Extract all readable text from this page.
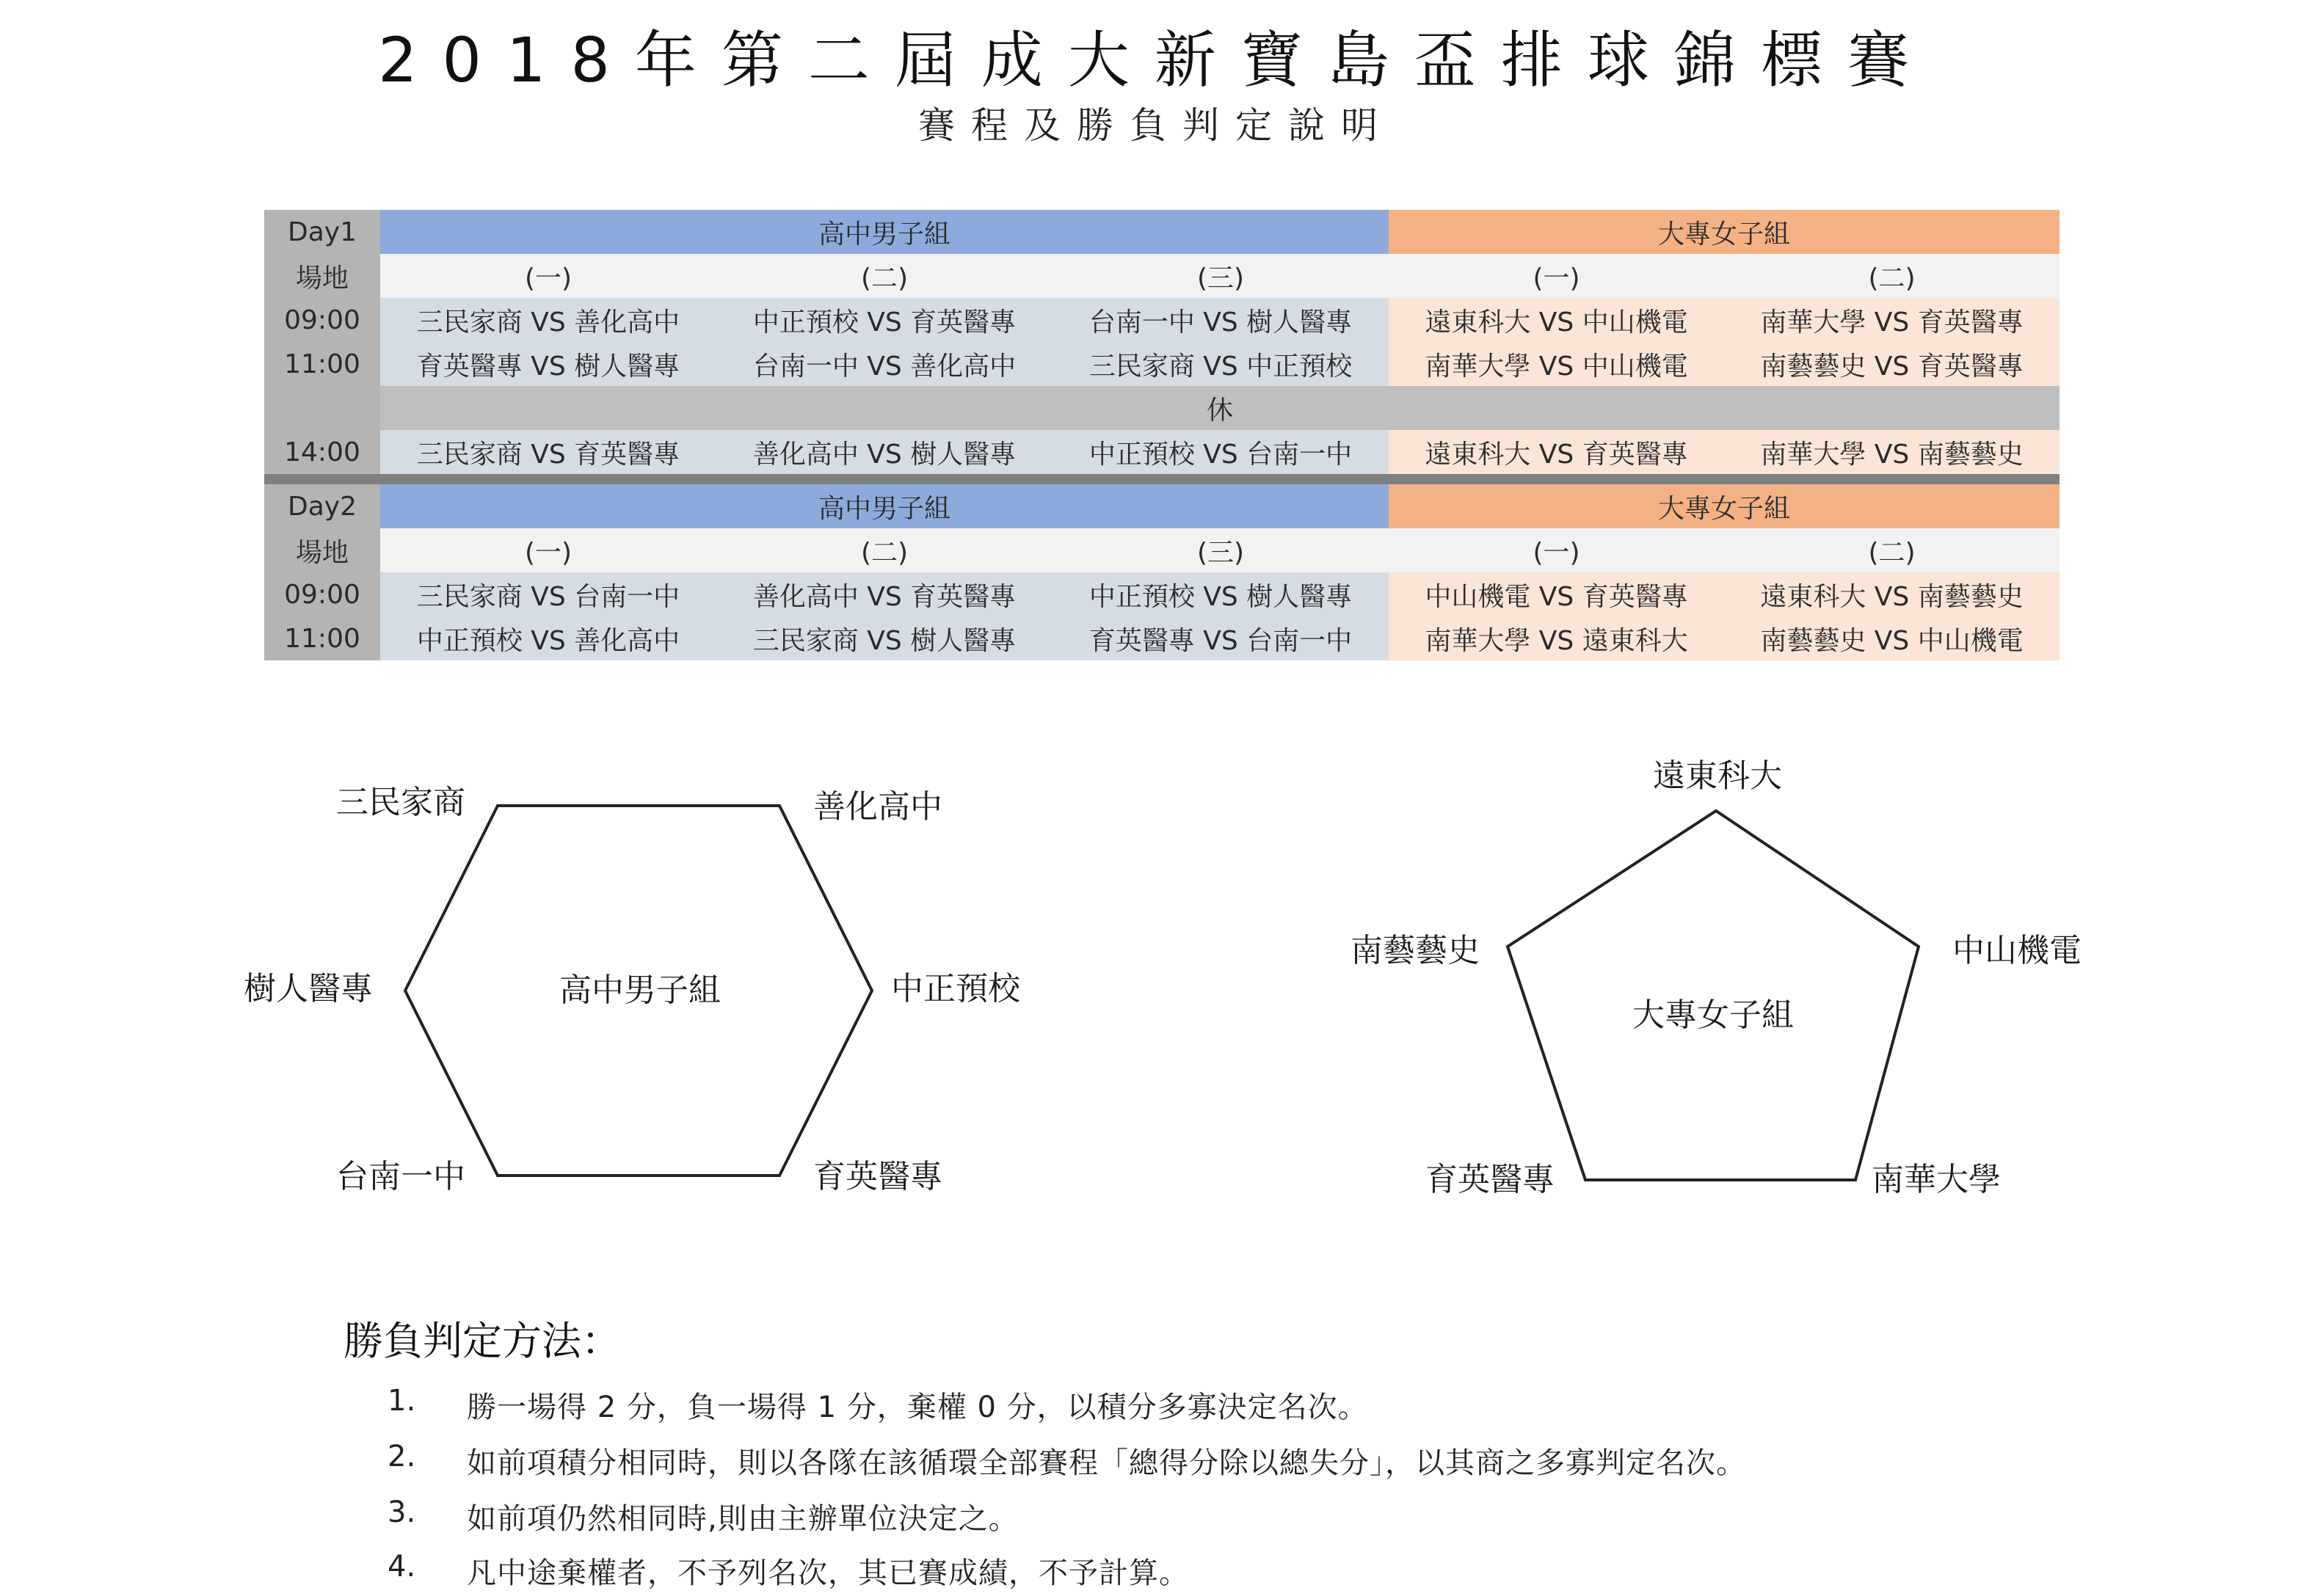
2018年第二屆成大新寶島盃排球錦標賽
賽程及勝負判定說明
Day1	高中男子組			大專女子組	
場地	(一)	(二)	(三)	(一)	(二)
09:00	三民家商 VS 善化高中	中正預校 VS 育英醫專	台南一中 VS 樹人醫專	遠東科大 VS 中山機電	南華大學 VS 育英醫專
11:00	育英醫專 VS 樹人醫專	台南一中 VS 善化高中	三民家商 VS 中正預校	南華大學 VS 中山機電	南藝藝史 VS 育英醫專
	休				
14:00	三民家商 VS 育英醫專	善化高中 VS 樹人醫專	中正預校 VS 台南一中	遠東科大 VS 育英醫專	南華大學 VS 南藝藝史

Day2	高中男子組			大專女子組	
場地	(一)	(二)	(三)	(一)	(二)
09:00	三民家商 VS 台南一中	善化高中 VS 育英醫專	中正預校 VS 樹人醫專	中山機電 VS 育英醫專	遠東科大 VS 南藝藝史
11:00	中正預校 VS 善化高中	三民家商 VS 樹人醫專	育英醫專 VS 台南一中	南華大學 VS 遠東科大	南藝藝史 VS 中山機電
高中男子組
三民家商	善化高中
中正預校
育英醫專
台南一中
樹人醫專
大專女子組
遠東科大
中山機電
南華大學
育英醫專
南藝藝史
勝負判定方法：
1. 勝一場得 2 分，負一場得 1 分，棄權 0 分，以積分多寡決定名次。
2. 如前項積分相同時，則以各隊在該循環全部賽程「總得分除以總失分」，以其商之多寡判定名次。
3. 如前項仍然相同時,則由主辦單位決定之。
4. 凡中途棄權者，不予列名次，其已賽成績，不予計算。
